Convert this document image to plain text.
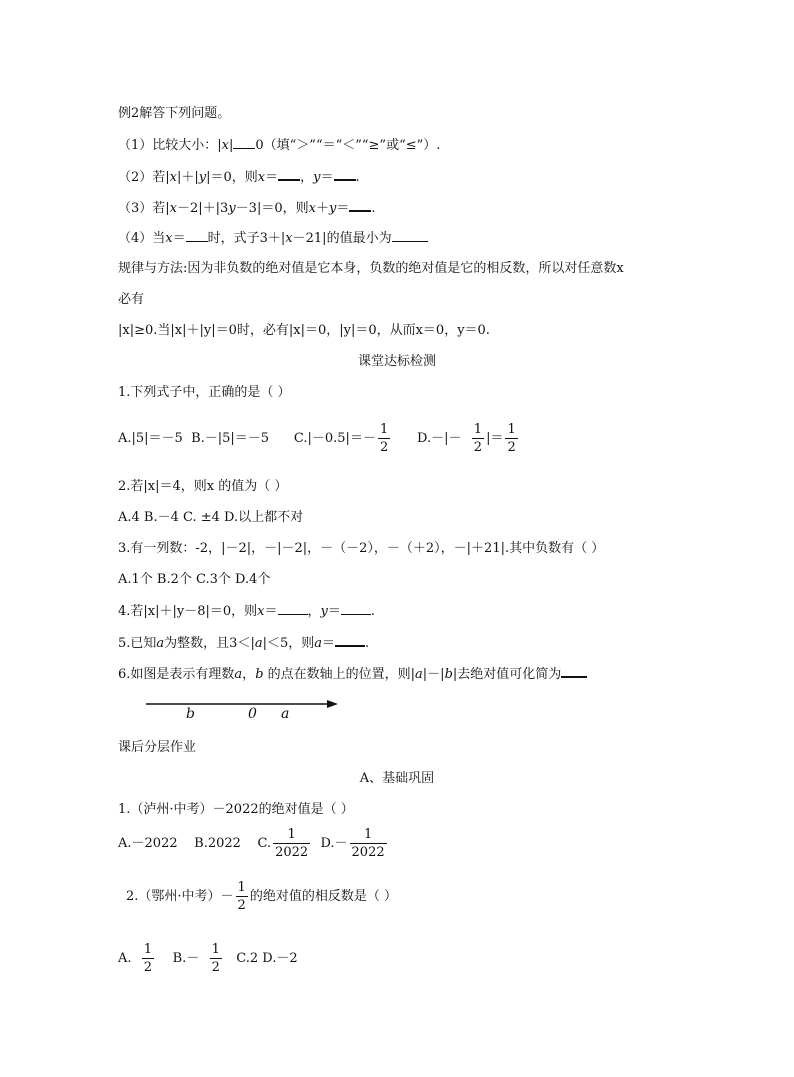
例2解答下列问题。
（1）比较大小：|x| 0（填“＞”“＝“＜”“≥”或“≤”）.
（2）若|x|＋|y|＝0，则x＝ ，y＝ .
（3）若|x－2|＋|3y－3|＝0，则x＋y＝ .
（4）当x＝ 时，式子3＋|x－21|的值最小为
规律与方法:因为非负数的绝对值是它本身，负数的绝对值是它的相反数，所以对任意数x
必有
|x|≥0.当|x|＋|y|＝0时，必有|x|＝0，|y|＝0，从而x＝0，y＝0.
课堂达标检测
1.下列式子中，正确的是（ ）
A.|5|＝－5 B.－|5|＝－5 $C.|-0.5|=- \frac{1}{2} D.-|- \frac{1}{2}$ |＝ $\frac{1}{2}$
2.若|x|＝4，则x 的值为（ ）
A.4 B.－4 C. ±4 D.以上都不对
3.有一列数：-2，|－2|，－|－2|，－（－2），－（＋2），－|＋21|.其中负数有（ ）
A.1个 B.2个 C.3个 D.4个
4.若|x|＋|y－8|＝0，则x＝ ，y＝ .
5.已知a为整数，且3＜|a|＜5，则a＝ .
6.如图是表示有理数a，b 的点在数轴上的位置，则|a|－|b|去绝对值可化简为
b	0 a
课后分层作业
A、基础巩固
1.（泸州·中考）－2022的绝对值是（ ）
A.－2022 B.2022 C. $\frac{1}{2022} D.- \frac{1}{2022}$
2.（鄂州·中考）－ $\frac{1}{2}$ 的绝对值的相反数是（ ）
A. $\frac{1}{2} B.- \frac{1}{2} C.2$ D.－2
